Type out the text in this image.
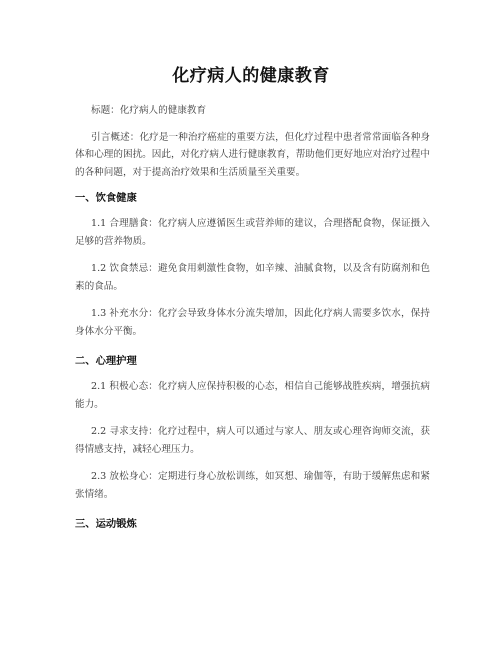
化疗病人的健康教育

标题：化疗病人的健康教育

引言概述：化疗是一种治疗癌症的重要方法，但化疗过程中患者常常面临各种身体和心理的困扰。因此，对化疗病人进行健康教育，帮助他们更好地应对治疗过程中的各种问题，对于提高治疗效果和生活质量至关重要。

一、饮食健康

1.1 合理膳食：化疗病人应遵循医生或营养师的建议，合理搭配食物，保证摄入足够的营养物质。

1.2 饮食禁忌：避免食用刺激性食物，如辛辣、油腻食物，以及含有防腐剂和色素的食品。

1.3 补充水分：化疗会导致身体水分流失增加，因此化疗病人需要多饮水，保持身体水分平衡。

二、心理护理

2.1 积极心态：化疗病人应保持积极的心态，相信自己能够战胜疾病，增强抗病能力。

2.2 寻求支持：化疗过程中，病人可以通过与家人、朋友或心理咨询师交流，获得情感支持，减轻心理压力。

2.3 放松身心：定期进行身心放松训练，如冥想、瑜伽等，有助于缓解焦虑和紧张情绪。

三、运动锻炼
